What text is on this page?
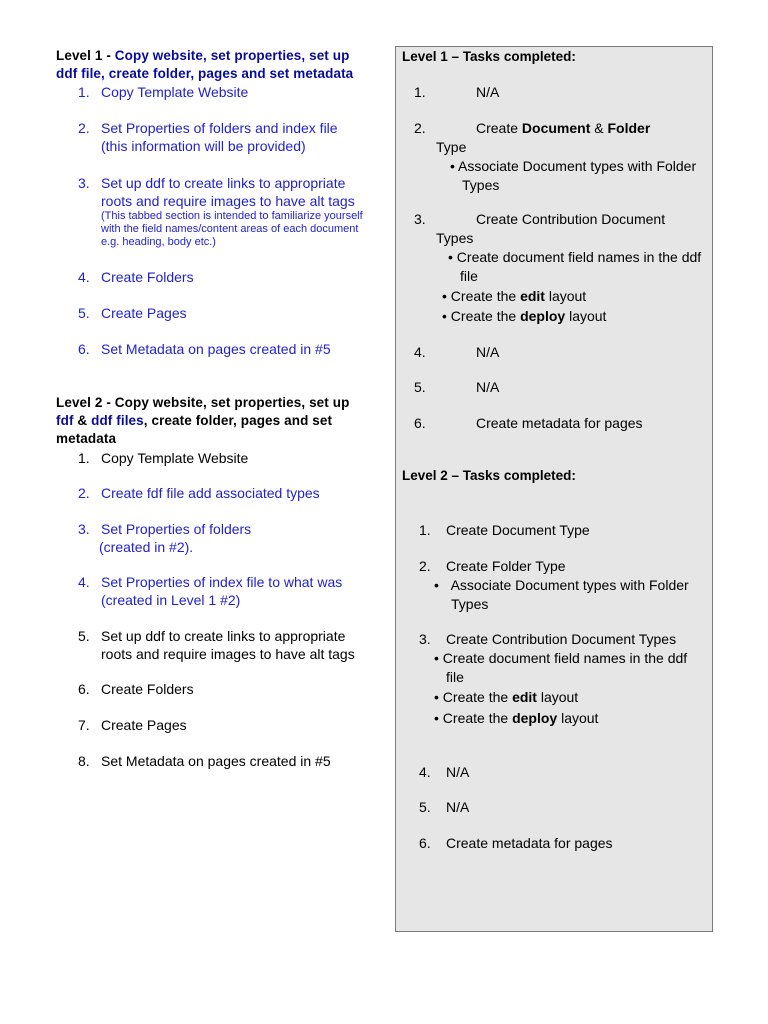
Level 1 - Copy website, set properties, set up ddf file, create folder, pages and set metadata
1. Copy Template Website
2. Set Properties of folders and index file (this information will be provided)
3. Set up ddf to create links to appropriate roots and require images to have alt tags
(This tabbed section is intended to familiarize yourself with the field names/content areas of each document e.g. heading, body etc.)
4. Create Folders
5. Create Pages
6. Set Metadata on pages created in #5
Level 2 - Copy website, set properties, set up fdf & ddf files, create folder, pages and set metadata
1. Copy Template Website
2. Create fdf file add associated types
3. Set Properties of folders
(created in #2).
4. Set Properties of index file to what was (created in Level 1 #2)
5. Set up ddf to create links to appropriate roots and require images to have alt tags
6. Create Folders
7. Create Pages
8. Set Metadata on pages created in #5
Level 1 – Tasks completed:
1.	N/A
2.	Create Document & Folder
Type
• Associate Document types with Folder Types
3.	Create Contribution Document
Types
• Create document field names in the ddf file
• Create the edit layout
• Create the deploy layout
4.	N/A
5.	N/A
6.	Create metadata for pages
Level 2 – Tasks completed:
1. Create Document Type
2. Create Folder Type
•   Associate Document types with Folder Types
3. Create Contribution Document Types
• Create document field names in the ddf file
• Create the edit layout
• Create the deploy layout
4. N/A
5. N/A
6. Create metadata for pages
